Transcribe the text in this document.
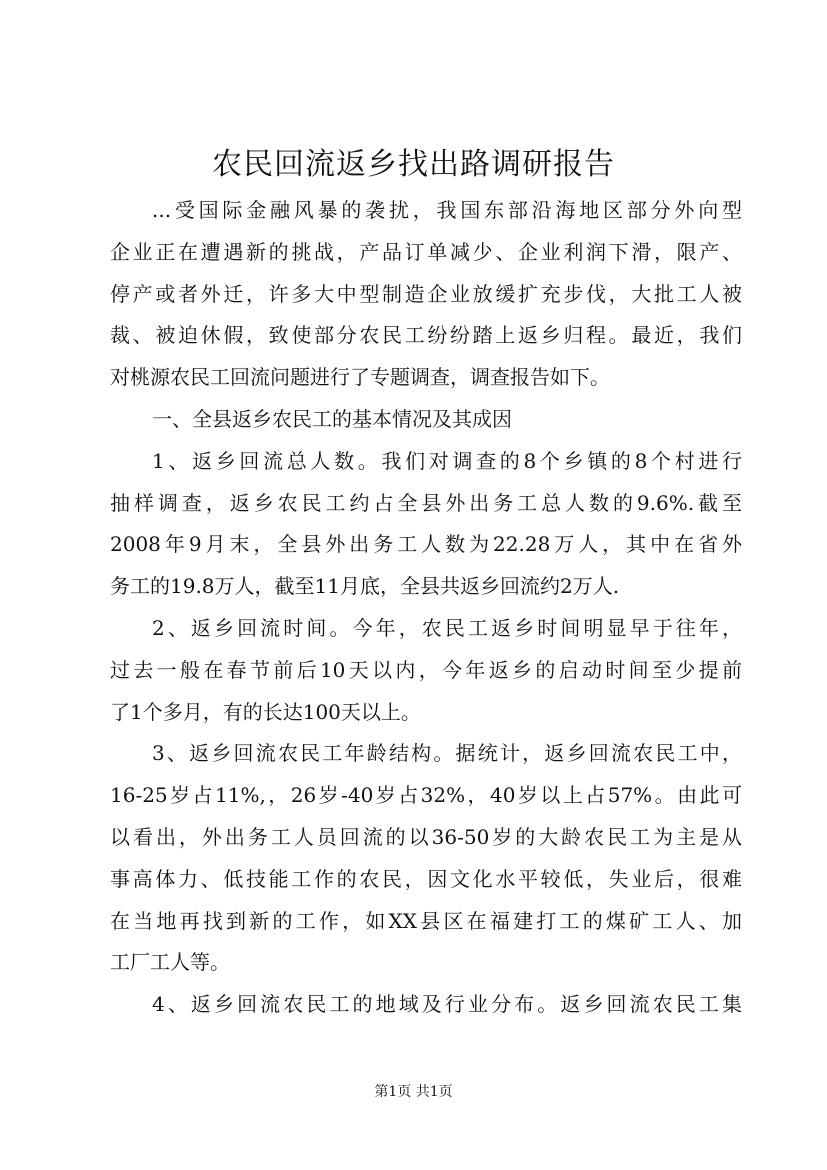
农民回流返乡找出路调研报告
...受国际金融风暴的袭扰，我国东部沿海地区部分外向型
企业正在遭遇新的挑战，产品订单减少、企业利润下滑，限产、
停产或者外迁，许多大中型制造企业放缓扩充步伐，大批工人被
裁、被迫休假，致使部分农民工纷纷踏上返乡归程。最近，我们
对桃源农民工回流问题进行了专题调查，调查报告如下。
一、全县返乡农民工的基本情况及其成因
1、返乡回流总人数。我们对调查的8个乡镇的8个村进行
抽样调查，返乡农民工约占全县外出务工总人数的9.6%.截至
2008年9月末，全县外出务工人数为22.28万人，其中在省外
务工的19.8万人，截至11月底，全县共返乡回流约2万人.
2、返乡回流时间。今年，农民工返乡时间明显早于往年，
过去一般在春节前后10天以内，今年返乡的启动时间至少提前
了1个多月，有的长达100天以上。
3、返乡回流农民工年龄结构。据统计，返乡回流农民工中，
16-25岁占11%,，26岁-40岁占32%，40岁以上占57%。由此可
以看出，外出务工人员回流的以36-50岁的大龄农民工为主是从
事高体力、低技能工作的农民，因文化水平较低，失业后，很难
在当地再找到新的工作，如XX县区在福建打工的煤矿工人、加
工厂工人等。
4、返乡回流农民工的地域及行业分布。返乡回流农民工集
第1页 共1页
